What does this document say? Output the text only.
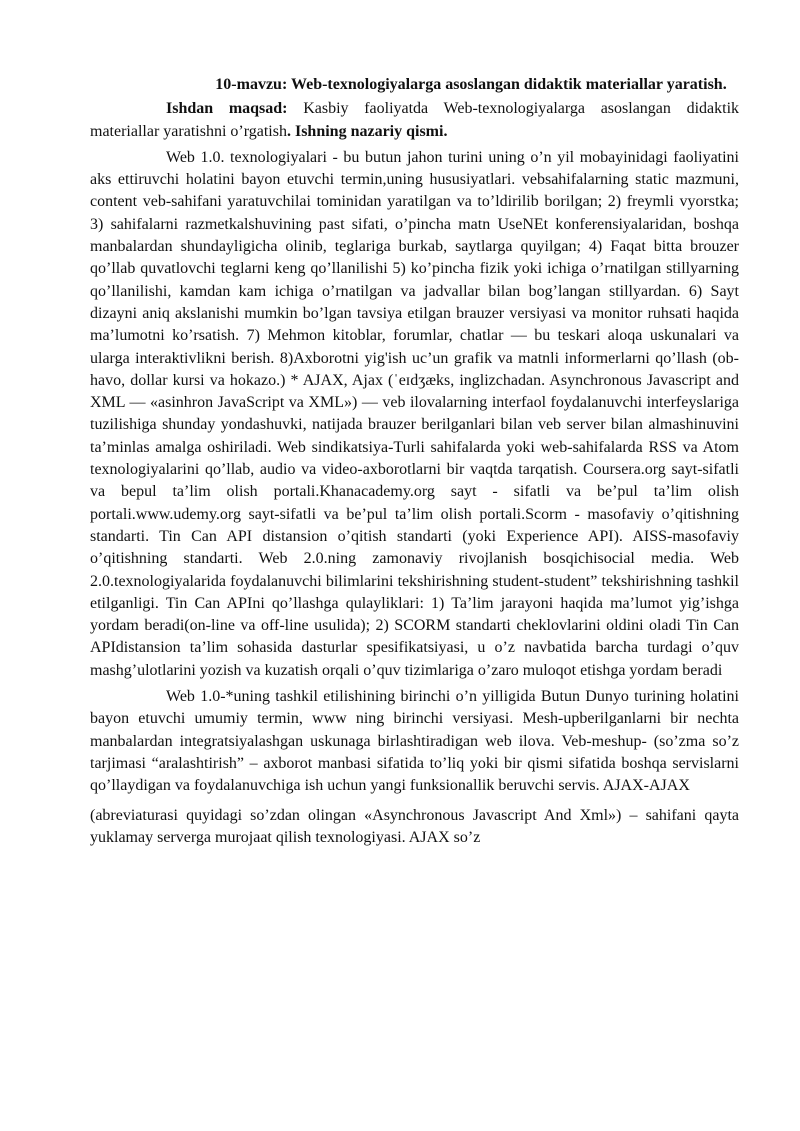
10-mavzu: Web-texnologiyalarga asoslangan didaktik materiallar yaratish.

Ishdan maqsad: Kasbiy faoliyatda Web-texnologiyalarga asoslangan didaktik materiallar yaratishni o’rgatish. Ishning nazariy qismi.

Web 1.0. texnologiyalari - bu butun jahon turini uning o’n yil mobayinidagi faoliyatini aks ettiruvchi holatini bayon etuvchi termin,uning hususiyatlari. vebsahifalarning static mazmuni, content veb-sahifani yaratuvchilai tominidan yaratilgan va to’ldirilib borilgan; 2) freymli vyorstka; 3) sahifalarni razmetkalshuvining past sifati, o’pincha matn UseNEt konferensiyalaridan, boshqa manbalardan shundayligicha olinib, teglariga burkab, saytlarga quyilgan; 4) Faqat bitta brouzer qo’llab quvatlovchi teglarni keng qo’llanilishi 5) ko’pincha fizik yoki ichiga o’rnatilgan stillyarning qo’llanilishi, kamdan kam ichiga o’rnatilgan va jadvallar bilan bog’langan stillyardan. 6) Sayt dizayni aniq akslanishi mumkin bo’lgan tavsiya etilgan brauzer versiyasi va monitor ruhsati haqida ma’lumotni ko’rsatish. 7) Mehmon kitoblar, forumlar, chatlar — bu teskari aloqa uskunalari va ularga interaktivlikni berish. 8)Axborotni yig'ish uc’un grafik va matnli informerlarni qo’llash (ob-havo, dollar kursi va hokazo.) * AJAX, Ajax (ˈeɪdʒæks, inglizchadan. Asynchronous Javascript and XML — «asinhron JavaScript va XML») — veb ilovalarning interfaol foydalanuvchi interfeyslariga tuzilishiga shunday yondashuvki, natijada brauzer berilganlari bilan veb server bilan almashinuvini ta’minlas amalga oshiriladi. Web sindikatsiya-Turli sahifalarda yoki web-sahifalarda RSS va Atom texnologiyalarini qo’llab, audio va video-axborotlarni bir vaqtda tarqatish. Coursera.org sayt-sifatli va bepul ta’lim olish portali.Khanacademy.org sayt - sifatli va be’pul ta’lim olish portali.www.udemy.org sayt-sifatli va be’pul ta’lim olish portali.Scorm - masofaviy o’qitishning standarti. Tin Can API distansion o’qitish standarti (yoki Experience API). AISS-masofaviy o’qitishning standarti. Web 2.0.ning zamonaviy rivojlanish bosqichisocial media. Web 2.0.texnologiyalarida foydalanuvchi bilimlarini tekshirishning student-student” tekshirishning tashkil etilganligi. Tin Can APIni qo’llashga qulayliklari: 1) Ta’lim jarayoni haqida ma’lumot yig’ishga yordam beradi(on-line va off-line usulida); 2) SCORM standarti cheklovlarini oldini oladi Tin Can APIdistansion ta’lim sohasida dasturlar spesifikatsiyasi, u o’z navbatida barcha turdagi o’quv mashg’ulotlarini yozish va kuzatish orqali o’quv tizimlariga o’zaro muloqot etishga yordam beradi

Web 1.0-*uning tashkil etilishining birinchi o’n yilligida Butun Dunyo turining holatini bayon etuvchi umumiy termin, www ning birinchi versiyasi. Mesh-upberilganlarni bir nechta manbalardan integratsiyalashgan uskunaga birlashtiradigan web ilova. Veb-meshup- (so’zma so’z tarjimasi “aralashtirish” – axborot manbasi sifatida to’liq yoki bir qismi sifatida boshqa servislarni qo’llaydigan va foydalanuvchiga ish uchun yangi funksionallik beruvchi servis. AJAX-AJAX

(abreviaturasi quyidagi so’zdan olingan «Asynchronous Javascript And Xml») – sahifani qayta yuklamay serverga murojaat qilish texnologiyasi. AJAX so’z
